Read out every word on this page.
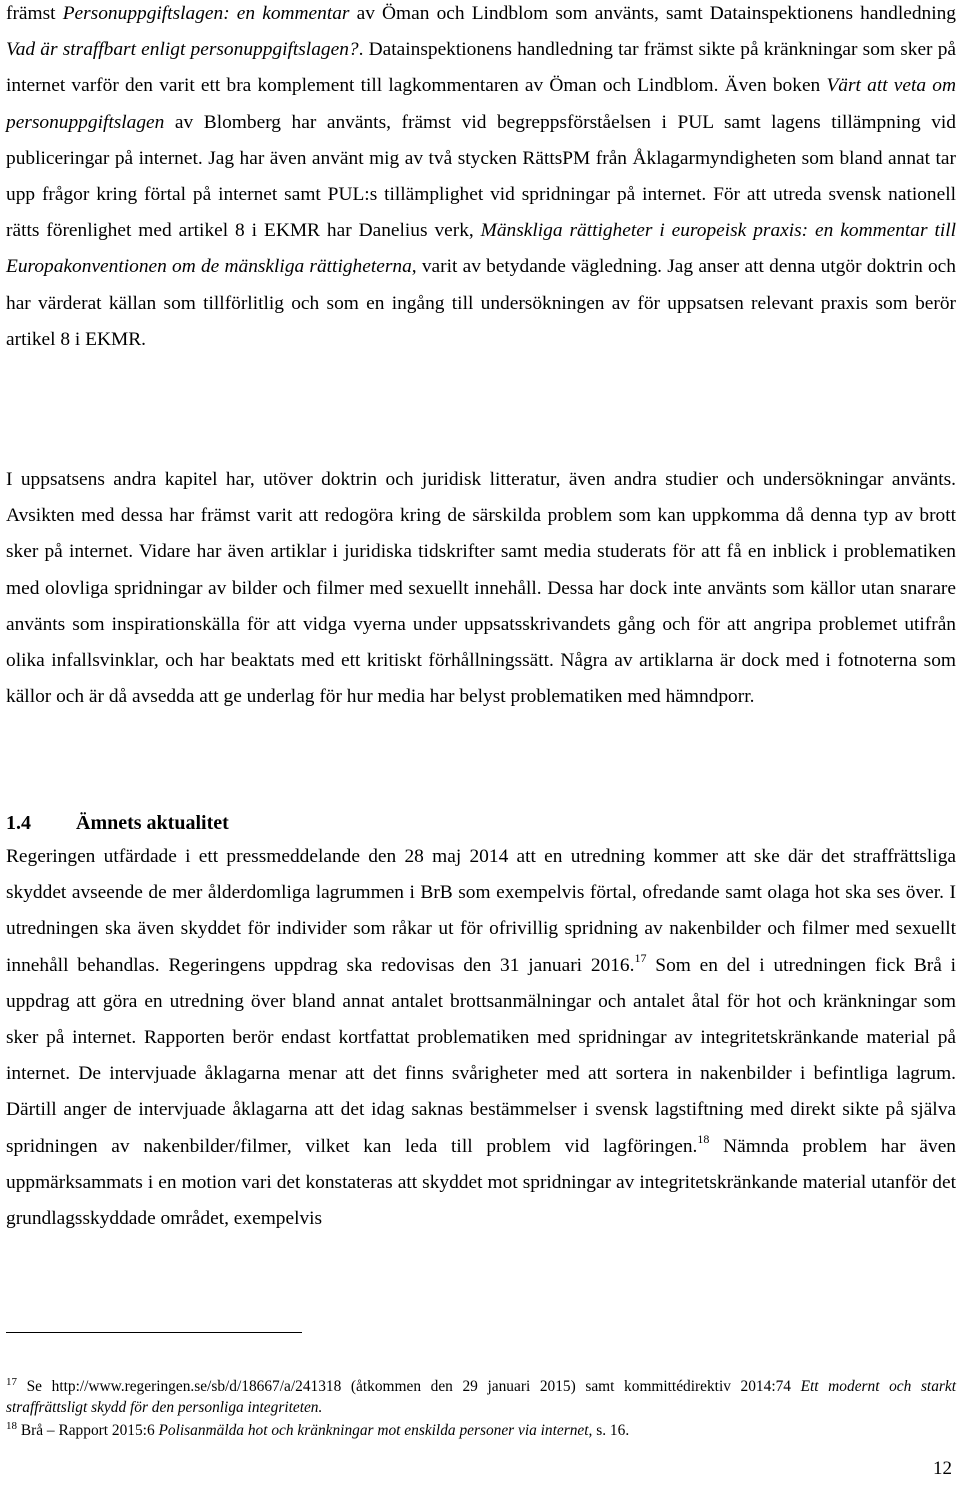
främst Personuppgiftslagen: en kommentar av Öman och Lindblom som använts, samt Datainspektionens handledning Vad är straffbart enligt personuppgiftslagen?. Datainspektionens handledning tar främst sikte på kränkningar som sker på internet varför den varit ett bra komplement till lagkommentaren av Öman och Lindblom. Även boken Värt att veta om personuppgiftslagen av Blomberg har använts, främst vid begreppsförståelsen i PUL samt lagens tillämpning vid publiceringar på internet. Jag har även använt mig av två stycken RättsPM från Åklagarmyndigheten som bland annat tar upp frågor kring förtal på internet samt PUL:s tillämplighet vid spridningar på internet. För att utreda svensk nationell rätts förenlighet med artikel 8 i EKMR har Danelius verk, Mänskliga rättigheter i europeisk praxis: en kommentar till Europakonventionen om de mänskliga rättigheterna, varit av betydande vägledning. Jag anser att denna utgör doktrin och har värderat källan som tillförlitlig och som en ingång till undersökningen av för uppsatsen relevant praxis som berör artikel 8 i EKMR.

I uppsatsens andra kapitel har, utöver doktrin och juridisk litteratur, även andra studier och undersökningar använts. Avsikten med dessa har främst varit att redogöra kring de särskilda problem som kan uppkomma då denna typ av brott sker på internet. Vidare har även artiklar i juridiska tidskrifter samt media studerats för att få en inblick i problematiken med olovliga spridningar av bilder och filmer med sexuellt innehåll. Dessa har dock inte använts som källor utan snarare använts som inspirationskälla för att vidga vyerna under uppsatsskrivandets gång och för att angripa problemet utifrån olika infallsvinklar, och har beaktats med ett kritiskt förhållningssätt. Några av artiklarna är dock med i fotnoterna som källor och är då avsedda att ge underlag för hur media har belyst problematiken med hämndporr.

1.4 Ämnets aktualitet

Regeringen utfärdade i ett pressmeddelande den 28 maj 2014 att en utredning kommer att ske där det straffrättsliga skyddet avseende de mer ålderdomliga lagrummen i BrB som exempelvis förtal, ofredande samt olaga hot ska ses över. I utredningen ska även skyddet för individer som råkar ut för ofrivillig spridning av nakenbilder och filmer med sexuellt innehåll behandlas. Regeringens uppdrag ska redovisas den 31 januari 2016.17 Som en del i utredningen fick Brå i uppdrag att göra en utredning över bland annat antalet brottsanmälningar och antalet åtal för hot och kränkningar som sker på internet. Rapporten berör endast kortfattat problematiken med spridningar av integritetskränkande material på internet. De intervjuade åklagarna menar att det finns svårigheter med att sortera in nakenbilder i befintliga lagrum. Därtill anger de intervjuade åklagarna att det idag saknas bestämmelser i svensk lagstiftning med direkt sikte på själva spridningen av nakenbilder/filmer, vilket kan leda till problem vid lagföringen.$^{18}$ Nämnda problem har även uppmärksammats i en motion vari det konstateras att skyddet mot spridningar av integritetskränkande material utanför det grundlagsskyddade området, exempelvis

$^{17}$ Se http://www.regeringen.se/sb/d/18667/a/241318 (åtkommen den 29 januari 2015) samt kommittédirektiv 2014:74 Ett modernt och starkt straffrättsligt skydd för den personliga integriteten.

$^{18}$ Brå – Rapport 2015:6 Polisanmälda hot och kränkningar mot enskilda personer via internet, s. 16.

12
